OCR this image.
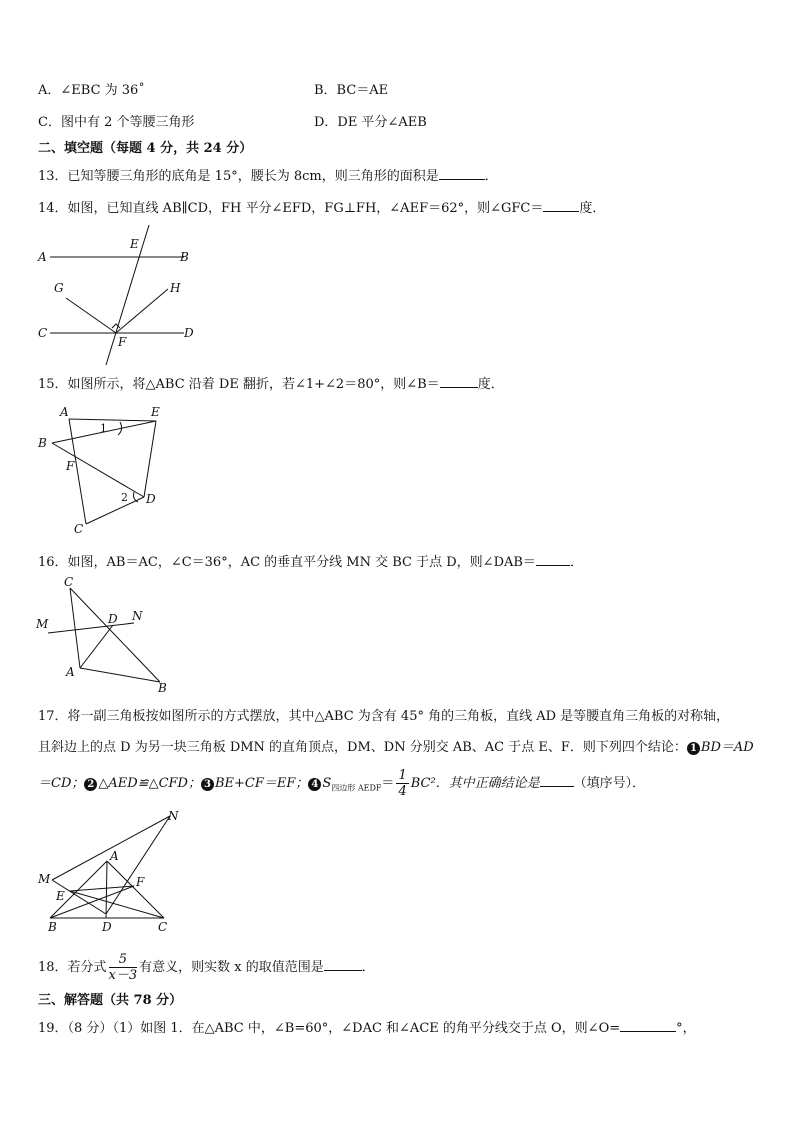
A．∠EBC 为 36˚	B．BC＝AE
C．图中有 2 个等腰三角形	D．DE 平分∠AEB
二、填空题（每题 4 分，共 24 分）
13．已知等腰三角形的底角是 15°，腰长为 8cm，则三角形的面积是	．
14．如图，已知直线 AB∥CD，FH 平分∠EFD，FG⊥FH，∠AEF＝62°，则∠GFC＝	度．
A
E
B
G	H
C
F
D
15．如图所示，将△ABC 沿着 DE 翻折，若∠1+∠2＝80°，则∠B＝	度．
A	E
B
1
F
2 D
C
16．如图，AB＝AC，∠C＝36°，AC 的垂直平分线 MN 交 BC 于点 D，则∠DAB＝	．
C
M	D N
A
B
17．将一副三角板按如图所示的方式摆放，其中△ABC 为含有 45° 角的三角板，直线 AD 是等腰直角三角板的对称轴，
且斜边上的点 D 为另一块三角板 DMN 的直角顶点，DM、DN 分别交 AB、AC 于点 E、F．则下列四个结论： 1 BD＝AD
＝CD； 2 △AED≌△CFD； 3 BE+CF＝EF； 4 $S_{四边形 AEDF}= \frac{1}{4} BC^2$．其中正确结论是	（填序号）．
N
A
M	F
E
B	D	C
18．若分式 $\frac{5}{x-3}$ 有意义，则实数 x 的取值范围是	．
三、解答题（共 78 分）
19．（8 分）（1）如图 1．在△ABC 中，∠B=60°，∠DAC 和∠ACE 的角平分线交于点 O，则∠O=	°，
